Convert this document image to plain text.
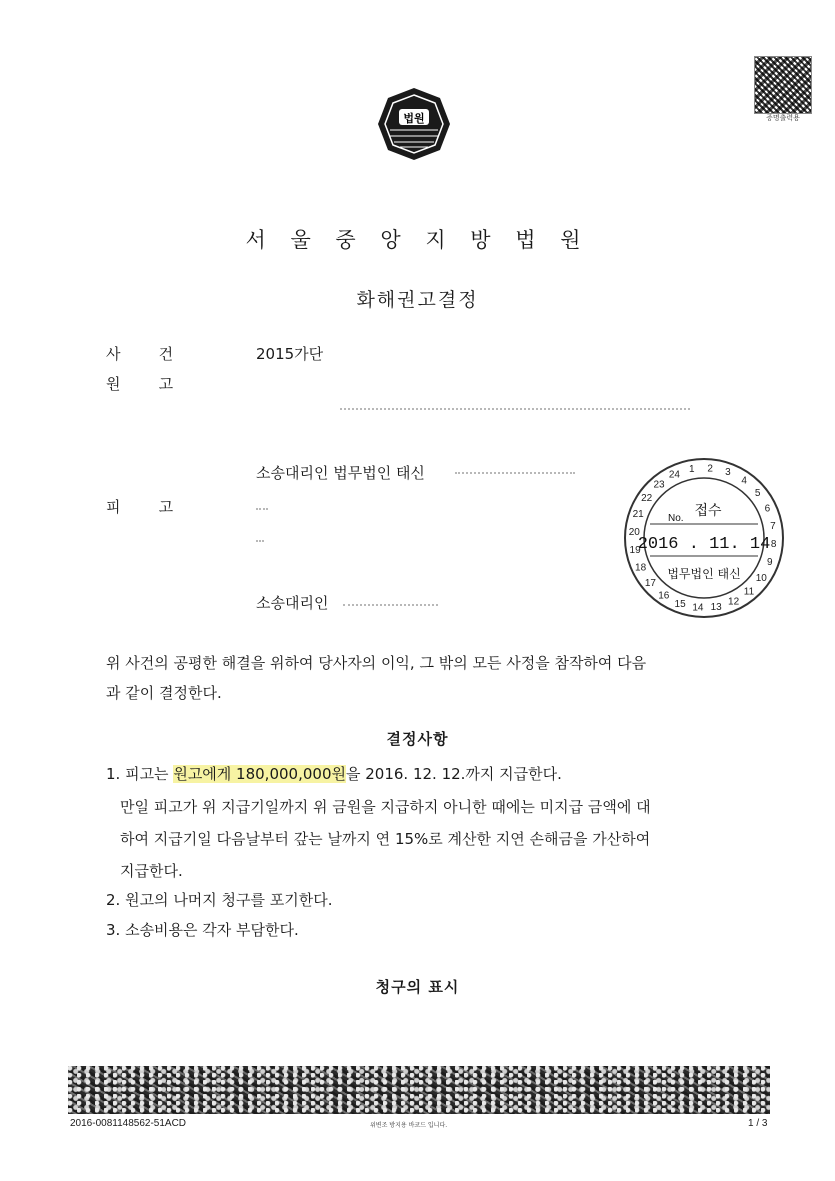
법원	증명출력용
서 울 중 앙 지 방 법 원
화해권고결정
사        건	2015가단
원        고
소송대리인 법무법인 태신
피        고
소송대리인
1 2 3
4
5
6
7
8
9
10
11
12
13
14
15
16
17
18
19
20
21
22
23
24
접수
No.
2016 . 11. 14
법무법인 태신
위 사건의 공평한 해결을 위하여 당사자의 이익, 그 밖의 모든 사정을 참작하여 다음
과 같이 결정한다.
결정사항
1. 피고는 원고에게 180,000,000원을 2016. 12. 12.까지 지급한다.
만일 피고가 위 지급기일까지 위 금원을 지급하지 아니한 때에는 미지급 금액에 대
하여 지급기일 다음날부터 갚는 날까지 연 15%로 계산한 지연 손해금을 가산하여
지급한다.
2. 원고의 나머지 청구를 포기한다.
3. 소송비용은 각자 부담한다.
청구의 표시
2016-0081148562-51ACD	위변조 방지용 바코드 입니다.	1 / 3
